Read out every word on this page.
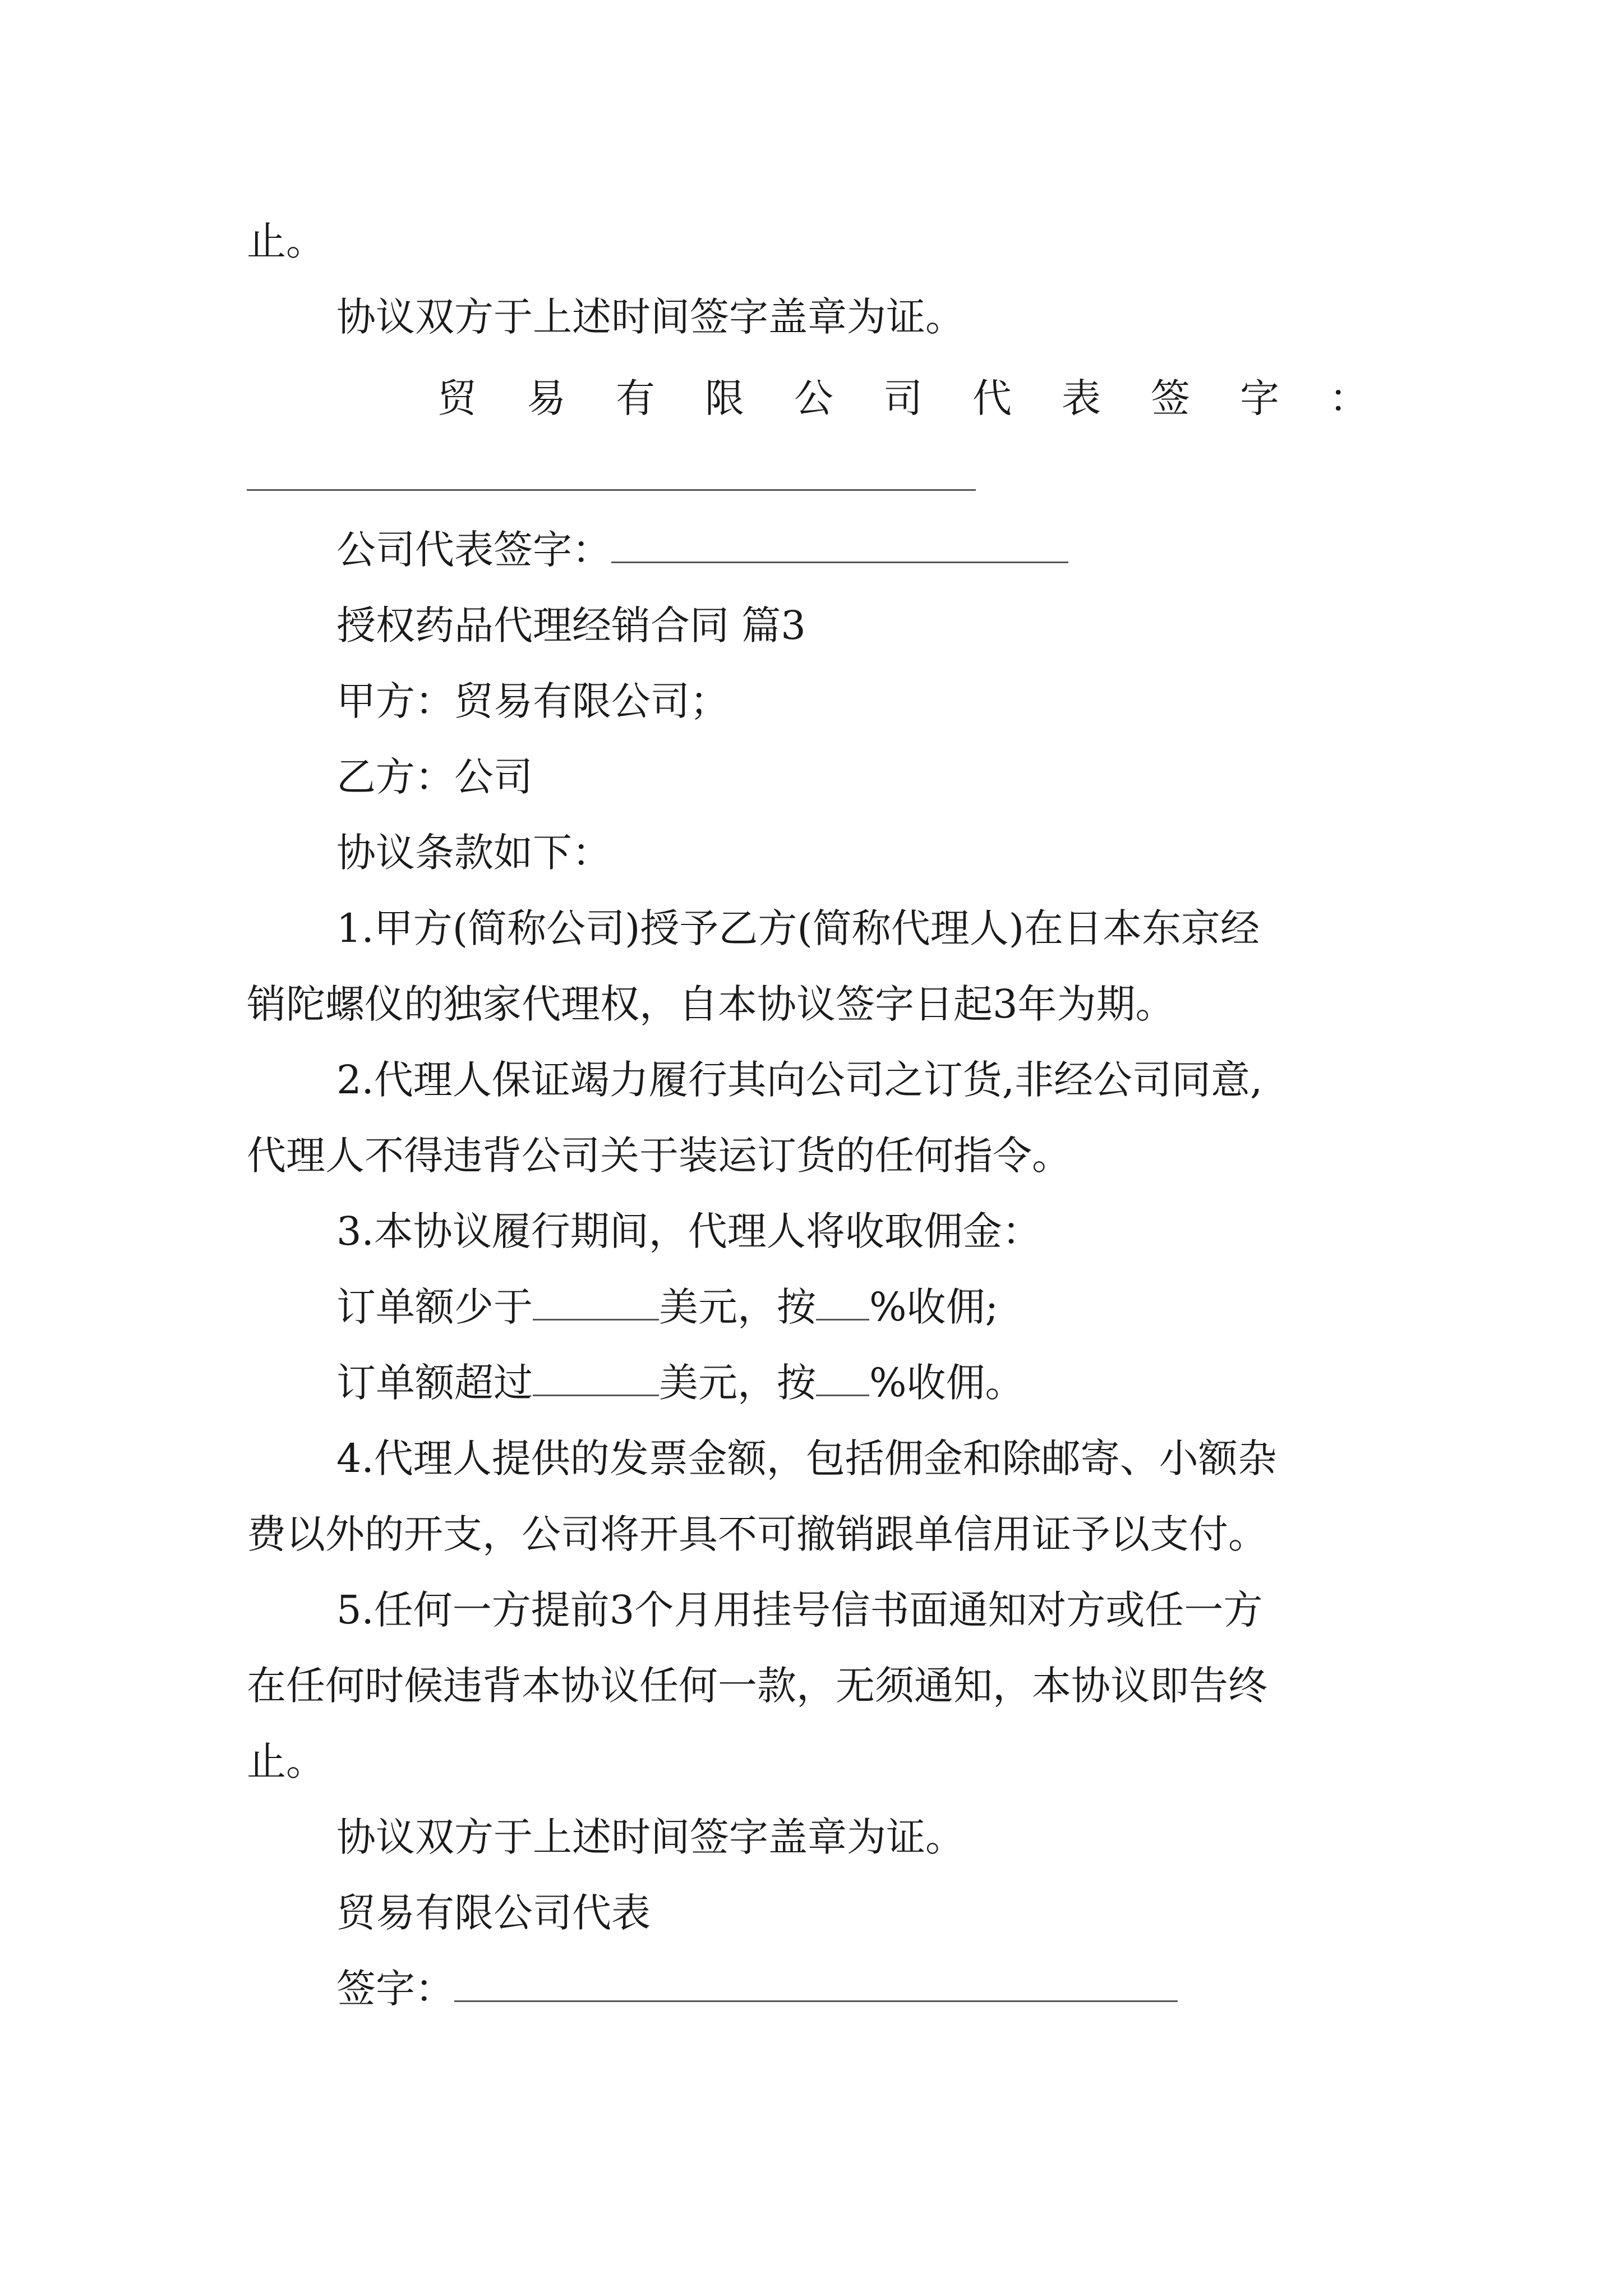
止。
协议双方于上述时间签字盖章为证。
贸 易 有 限 公 司 代 表 签 字 ：
公司代表签字：
授权药品代理经销合同 篇3
甲方：贸易有限公司；
乙方：公司
协议条款如下：
1.甲方(简称公司)授予乙方(简称代理人)在日本东京经
销陀螺仪的独家代理权，自本协议签字日起3年为期。
2.代理人保证竭力履行其向公司之订货,非经公司同意,
代理人不得违背公司关于装运订货的任何指令。
3.本协议履行期间，代理人将收取佣金：
订单额少于	美元，按 %收佣;
订单额超过	美元，按 %收佣。
4.代理人提供的发票金额，包括佣金和除邮寄、小额杂
费以外的开支，公司将开具不可撤销跟单信用证予以支付。
5.任何一方提前3个月用挂号信书面通知对方或任一方
在任何时候违背本协议任何一款，无须通知，本协议即告终
止。
协议双方于上述时间签字盖章为证。
贸易有限公司代表
签字：
